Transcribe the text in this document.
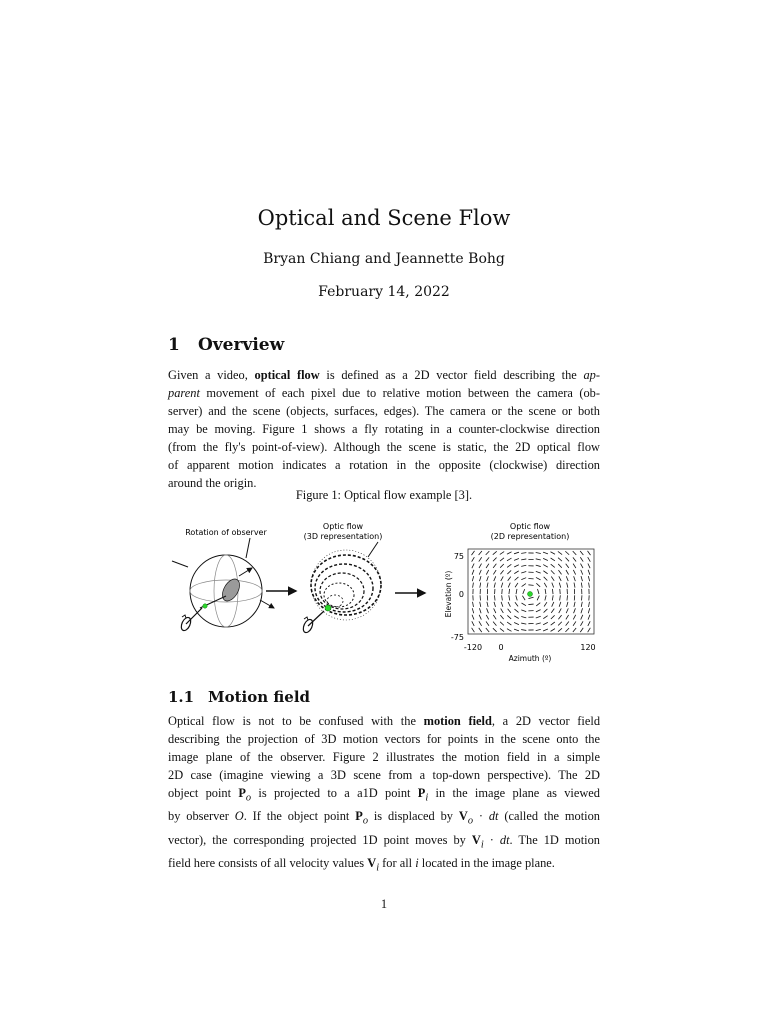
Optical and Scene Flow
Bryan Chiang and Jeannette Bohg
February 14, 2022
1 Overview
Given a video, optical flow is defined as a 2D vector field describing the ap-
parent movement of each pixel due to relative motion between the camera (ob-
server) and the scene (objects, surfaces, edges). The camera or the scene or both
may be moving. Figure 1 shows a fly rotating in a counter-clockwise direction
(from the fly's point-of-view). Although the scene is static, the 2D optical flow
of apparent motion indicates a rotation in the opposite (clockwise) direction
around the origin.
Figure 1: Optical flow example [3].
Rotation of observer
Optic flow
(3D representation)
Optic flow
(2D representation)
75
0
-75
-120 0	120
Elevation (º)
Azimuth (º)
1.1 Motion field
Optical flow is not to be confused with the motion field, a 2D vector field
describing the projection of 3D motion vectors for points in the scene onto the
image plane of the observer. Figure 2 illustrates the motion field in a simple
2D case (imagine viewing a 3D scene from a top-down perspective). The 2D
object point $P_o$ is projected to a a1D point $P_i$ in the image plane as viewed
by observer O. If the object point $P_o$ is displaced by $V_o$ · dt (called the motion
vector), the corresponding projected 1D point moves by $V_i$ · dt. The 1D motion
field here consists of all velocity values $V_i$ for all i located in the image plane.
1
